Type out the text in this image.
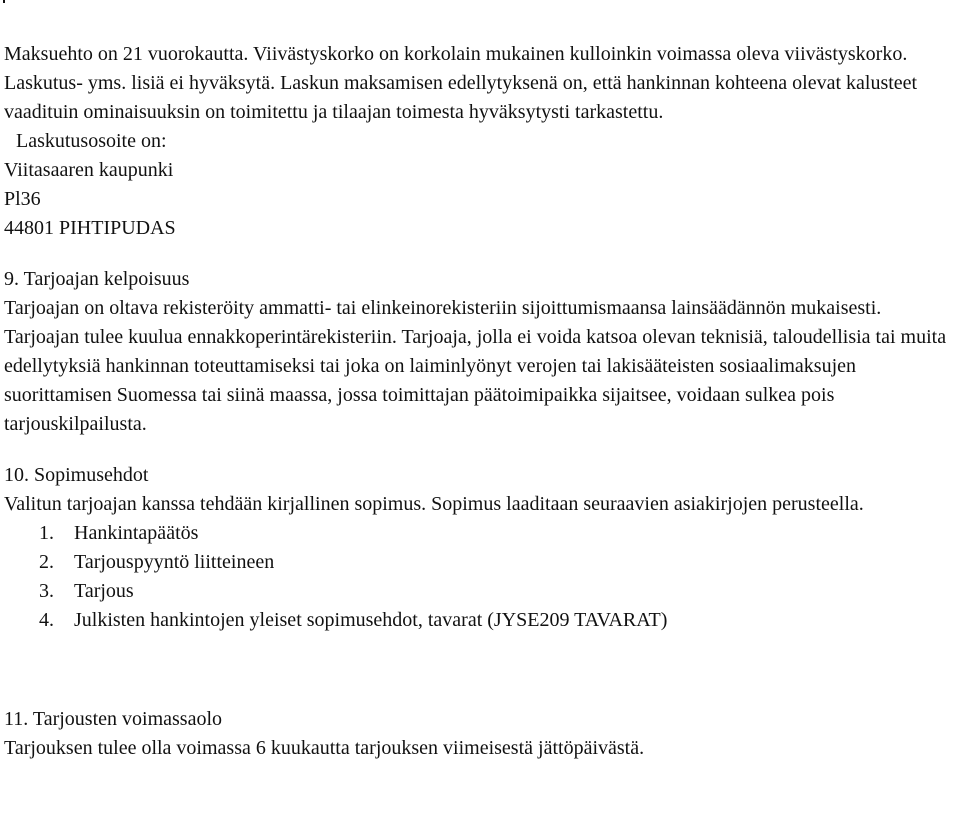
Maksuehto on 21 vuorokautta. Viivästyskorko on korkolain mukainen kulloinkin voimassa oleva viivästyskorko. Laskutus- yms. lisiä ei hyväksytä. Laskun maksamisen edellytyksenä on, että hankinnan kohteena olevat kalusteet vaadituin ominaisuuksin on toimitettu ja tilaajan toimesta hyväksytysti tarkastettu.

Laskutusosoite on:

Viitasaaren kaupunki

Pl36

44801 PIHTIPUDAS

9. Tarjoajan kelpoisuus

Tarjoajan on oltava rekisteröity ammatti- tai elinkeinorekisteriin sijoittumismaansa lainsäädännön mukaisesti. Tarjoajan tulee kuulua ennakkoperintärekisteriin. Tarjoaja, jolla ei voida katsoa olevan teknisiä, taloudellisia tai muita edellytyksiä hankinnan toteuttamiseksi tai joka on laiminlyönyt verojen tai lakisääteisten sosiaalimaksujen suorittamisen Suomessa tai siinä maassa, jossa toimittajan päätoimipaikka sijaitsee, voidaan sulkea pois tarjouskilpailusta.

10. Sopimusehdot

Valitun tarjoajan kanssa tehdään kirjallinen sopimus. Sopimus laaditaan seuraavien asiakirjojen perusteella.

1. Hankintapäätös
2. Tarjouspyyntö liitteineen
3. Tarjous
4. Julkisten hankintojen yleiset sopimusehdot, tavarat (JYSE209 TAVARAT)

11. Tarjousten voimassaolo

Tarjouksen tulee olla voimassa 6 kuukautta tarjouksen viimeisestä jättöpäivästä.
